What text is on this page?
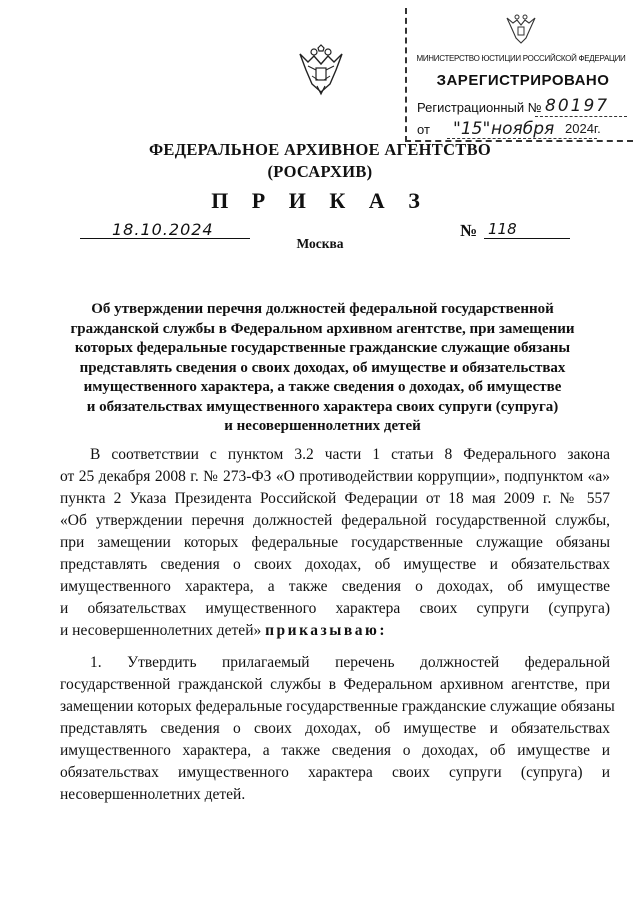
МИНИСТЕРСТВО ЮСТИЦИИ РОССИЙСКОЙ ФЕДЕРАЦИИ
ЗАРЕГИСТРИРОВАНО
Регистрационный № 80197
от "15" ноября 2024г.
ФЕДЕРАЛЬНОЕ АРХИВНОЕ АГЕНТСТВО
(РОСАРХИВ)
П Р И К А З
18.10.2024	№ 118
Москва
Об утверждении перечня должностей федеральной государственной
гражданской службы в Федеральном архивном агентстве, при замещении
которых федеральные государственные гражданские служащие обязаны
представлять сведения о своих доходах, об имуществе и обязательствах
имущественного характера, а также сведения о доходах, об имуществе
и обязательствах имущественного характера своих супруги (супруга)
и несовершеннолетних детей
В соответствии с пунктом 3.2 части 1 статьи 8 Федерального закона
от 25 декабря 2008 г. № 273-ФЗ «О противодействии коррупции», подпунктом «а»
пункта 2 Указа Президента Российской Федерации от 18 мая 2009 г. № 557
«Об утверждении перечня должностей федеральной государственной службы,
при замещении которых федеральные государственные служащие обязаны
представлять сведения о своих доходах, об имуществе и обязательствах
имущественного характера, а также сведения о доходах, об имуществе
и обязательствах имущественного характера своих супруги (супруга)
и несовершеннолетних детей» приказываю:
1. Утвердить прилагаемый перечень должностей федеральной
государственной гражданской службы в Федеральном архивном агентстве, при
замещении которых федеральные государственные гражданские служащие обязаны
представлять сведения о своих доходах, об имуществе и обязательствах
имущественного характера, а также сведения о доходах, об имуществе и
обязательствах имущественного характера своих супруги (супруга) и
несовершеннолетних детей.
